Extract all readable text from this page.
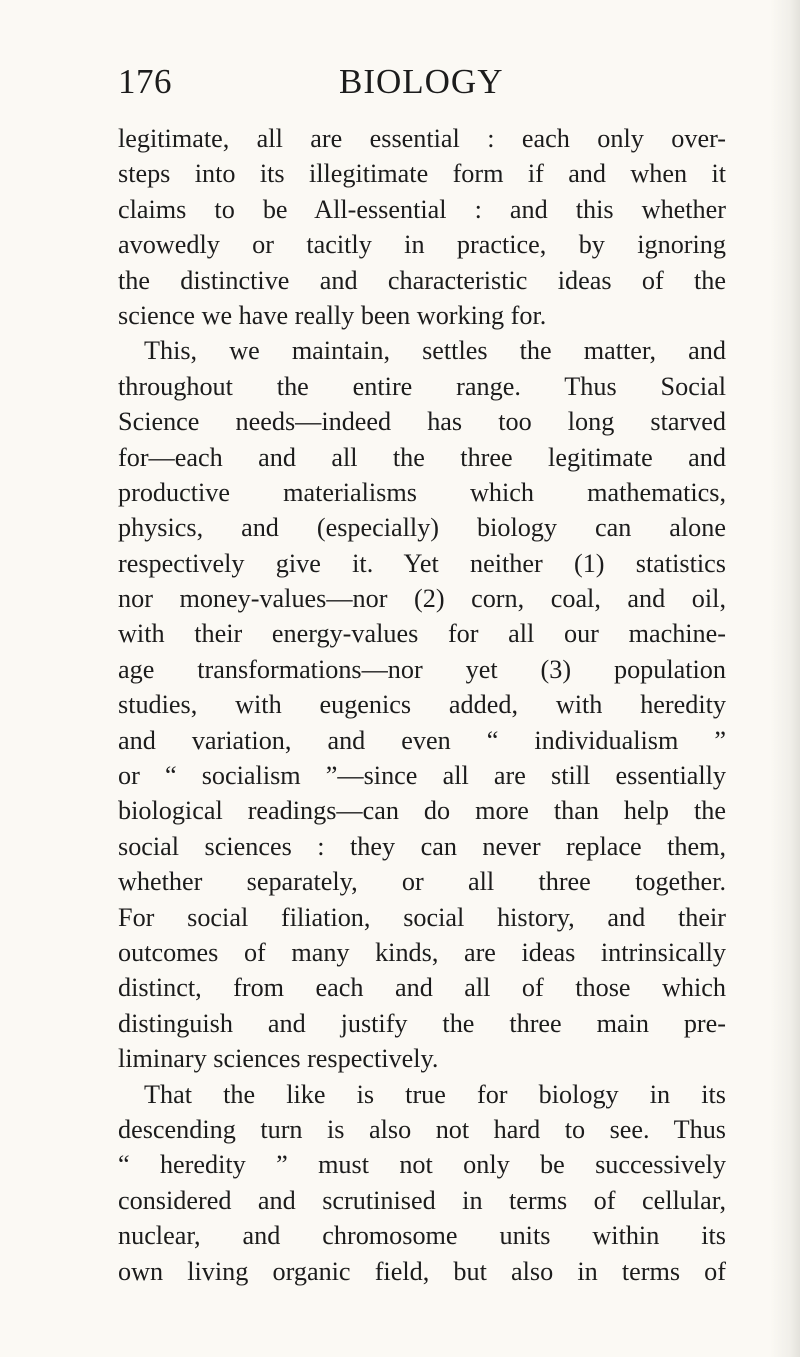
176	BIOLOGY
legitimate, all are essential : each only over-
steps into its illegitimate form if and when it
claims to be All-essential : and this whether
avowedly or tacitly in practice, by ignoring
the distinctive and characteristic ideas of the
science we have really been working for.
This, we maintain, settles the matter, and
throughout the entire range. Thus Social
Science needs—indeed has too long starved
for—each and all the three legitimate and
productive materialisms which mathematics,
physics, and (especially) biology can alone
respectively give it. Yet neither (1) statistics
nor money-values—nor (2) corn, coal, and oil,
with their energy-values for all our machine-
age transformations—nor yet (3) population
studies, with eugenics added, with heredity
and variation, and even “ individualism ”
or “ socialism ”—since all are still essentially
biological readings—can do more than help the
social sciences : they can never replace them,
whether separately, or all three together.
For social filiation, social history, and their
outcomes of many kinds, are ideas intrinsically
distinct, from each and all of those which
distinguish and justify the three main pre-
liminary sciences respectively.
That the like is true for biology in its
descending turn is also not hard to see. Thus
“ heredity ” must not only be successively
considered and scrutinised in terms of cellular,
nuclear, and chromosome units within its
own living organic field, but also in terms of
